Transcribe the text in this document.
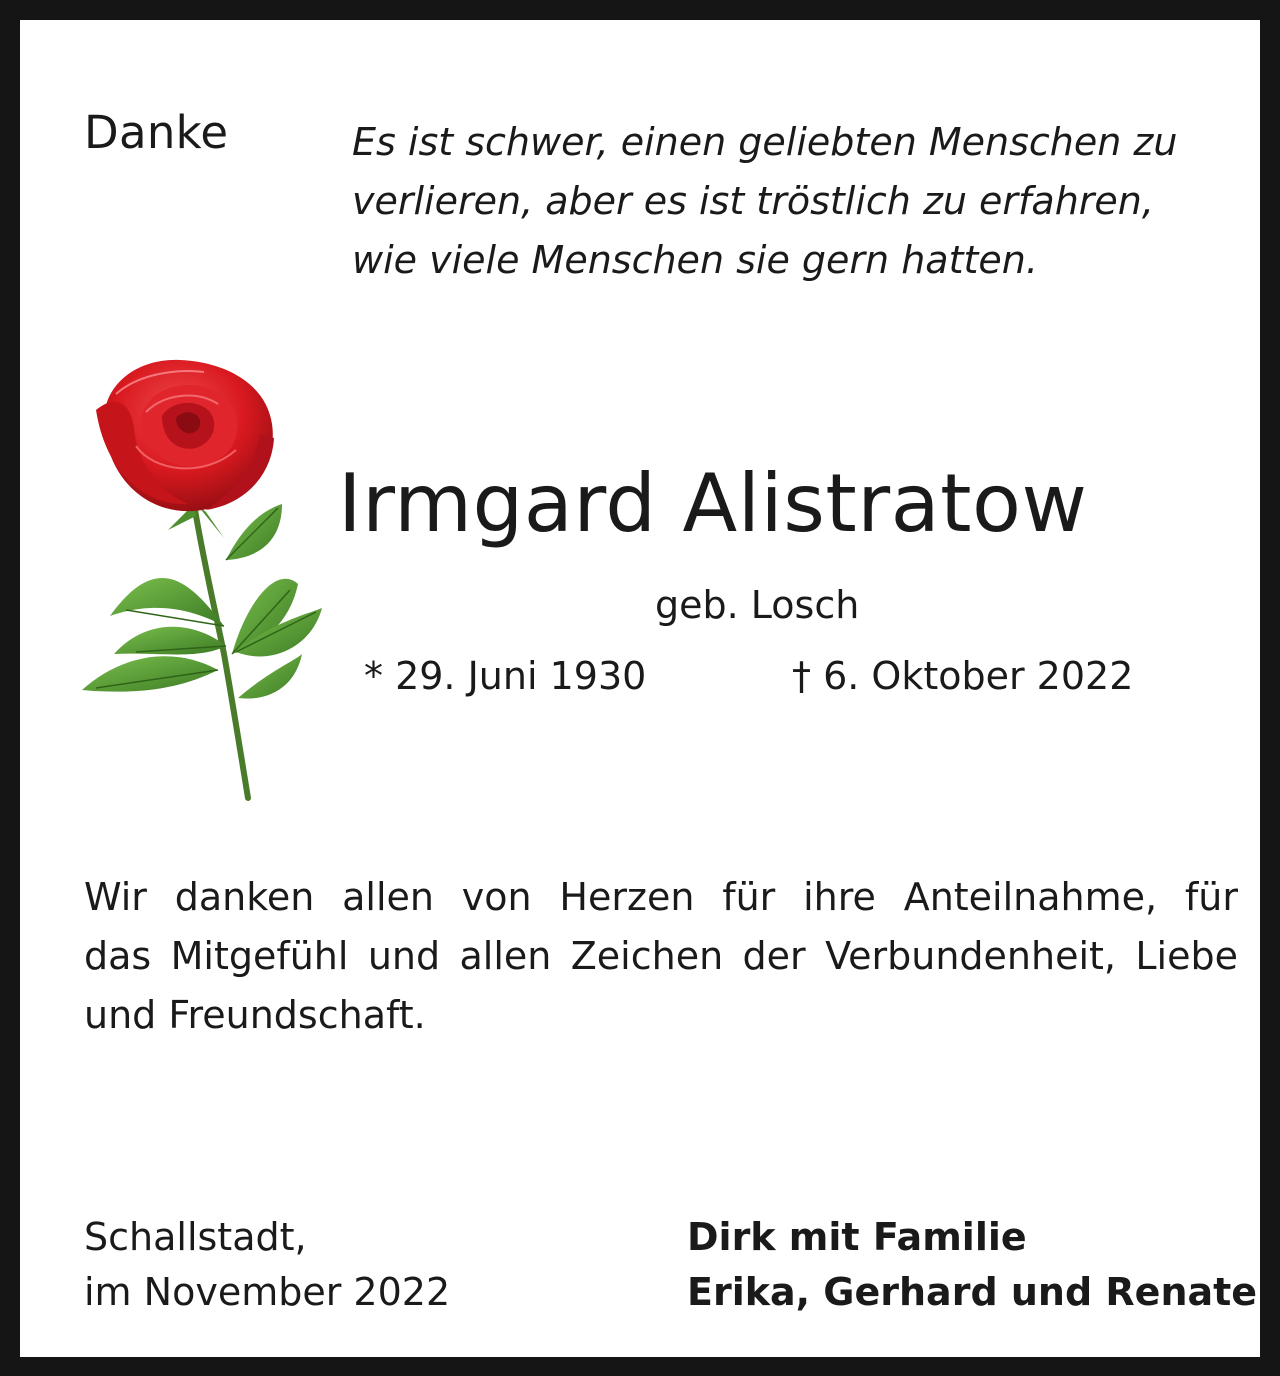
Danke	Es ist schwer, einen geliebten Menschen zu
verlieren, aber es ist tröstlich zu erfahren,
wie viele Menschen sie gern hatten.
Irmgard Alistratow
geb. Losch
* 29. Juni 1930	† 6. Oktober 2022
Wir danken allen von Herzen für ihre Anteilnahme, für
das Mitgefühl und allen Zeichen der Verbundenheit, Liebe
und Freundschaft.
Schallstadt,
im November 2022
Dirk mit Familie
Erika, Gerhard und Renate
